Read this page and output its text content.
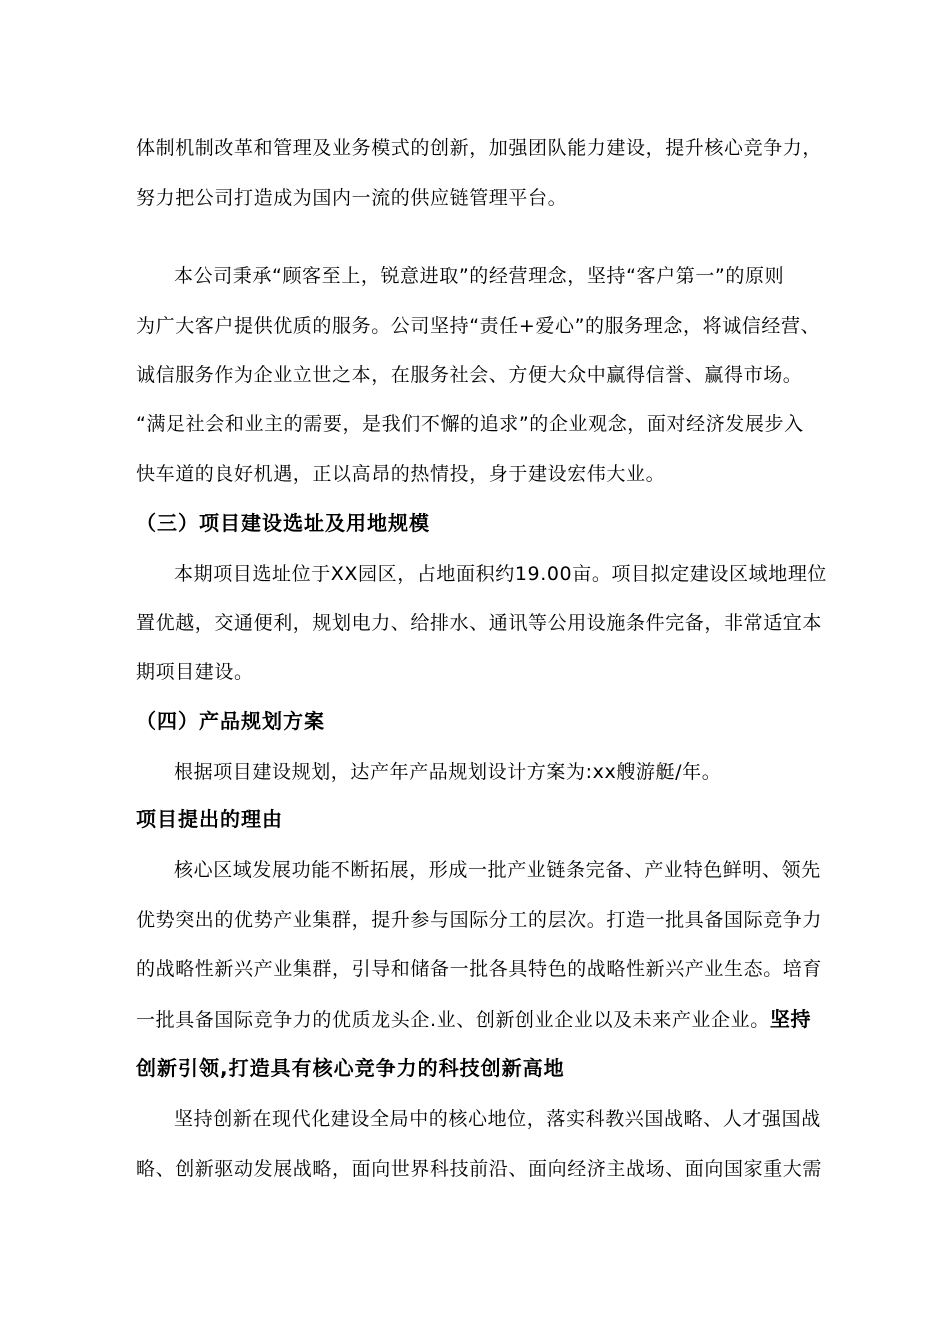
体制机制改革和管理及业务模式的创新，加强团队能力建设，提升核心竞争力，
努力把公司打造成为国内一流的供应链管理平台。
本公司秉承“顾客至上，锐意进取”的经营理念，坚持“客户第一”的原则
为广大客户提供优质的服务。公司坚持“责任+爱心”的服务理念，将诚信经营、
诚信服务作为企业立世之本，在服务社会、方便大众中赢得信誉、赢得市场。
“满足社会和业主的需要，是我们不懈的追求”的企业观念，面对经济发展步入
快车道的良好机遇，正以高昂的热情投，身于建设宏伟大业。
（三）项目建设选址及用地规模
本期项目选址位于XX园区，占地面积约19.00亩。项目拟定建设区域地理位
置优越，交通便利，规划电力、给排水、通讯等公用设施条件完备，非常适宜本
期项目建设。
（四）产品规划方案
根据项目建设规划，达产年产品规划设计方案为:xx艘游艇/年。
项目提出的理由
核心区域发展功能不断拓展，形成一批产业链条完备、产业特色鲜明、领先
优势突出的优势产业集群，提升参与国际分工的层次。打造一批具备国际竞争力
的战略性新兴产业集群，引导和储备一批各具特色的战略性新兴产业生态。培育
一批具备国际竞争力的优质龙头企.业、创新创业企业以及未来产业企业。坚持
创新引领,打造具有核心竞争力的科技创新高地
坚持创新在现代化建设全局中的核心地位，落实科教兴国战略、人才强国战
略、创新驱动发展战略，面向世界科技前沿、面向经济主战场、面向国家重大需
